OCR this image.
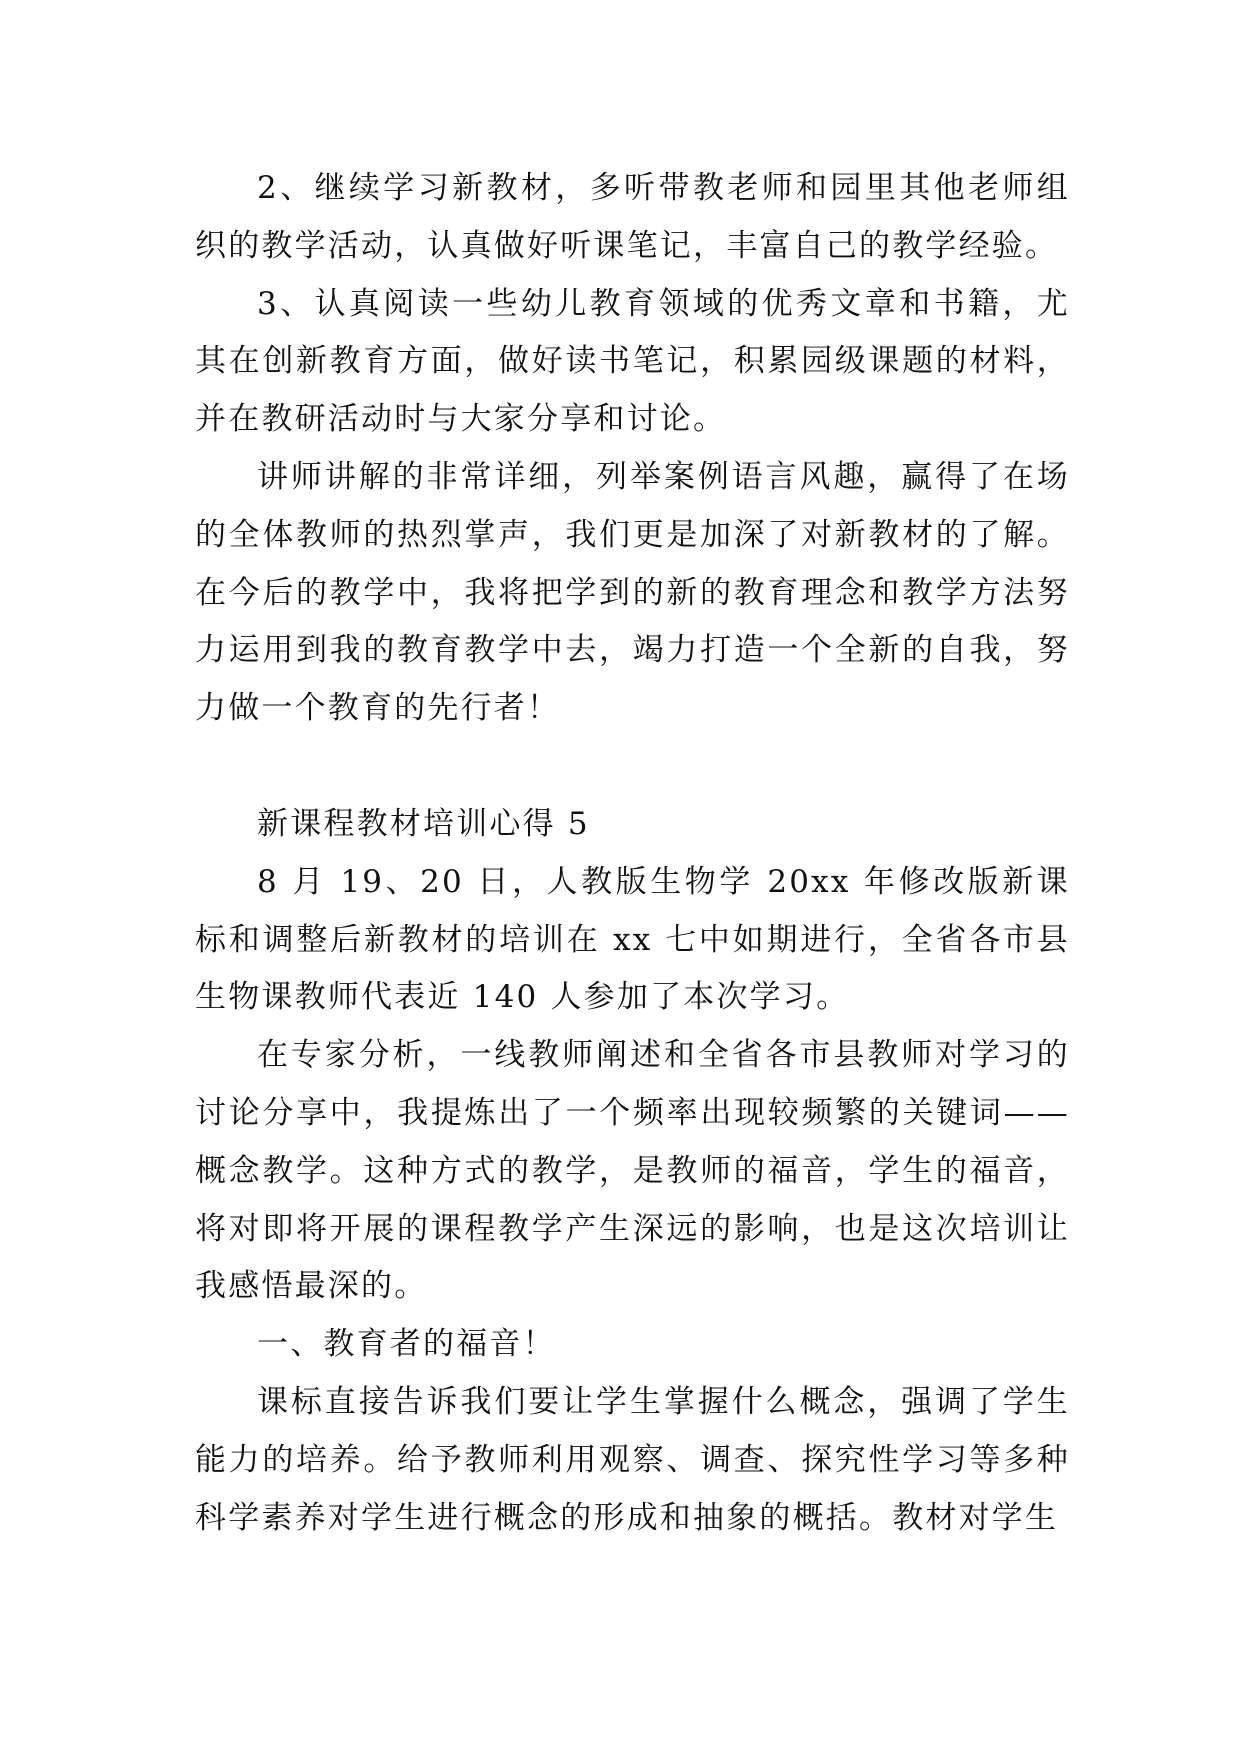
2、继续学习新教材，多听带教老师和园里其他老师组织的教学活动，认真做好听课笔记，丰富自己的教学经验。

3、认真阅读一些幼儿教育领域的优秀文章和书籍，尤其在创新教育方面，做好读书笔记，积累园级课题的材料，并在教研活动时与大家分享和讨论。

讲师讲解的非常详细，列举案例语言风趣，赢得了在场的全体教师的热烈掌声，我们更是加深了对新教材的了解。在今后的教学中，我将把学到的新的教育理念和教学方法努力运用到我的教育教学中去，竭力打造一个全新的自我，努力做一个教育的先行者！

新课程教材培训心得 5

8 月 19、20 日，人教版生物学 20xx 年修改版新课标和调整后新教材的培训在 xx 七中如期进行，全省各市县生物课教师代表近 140 人参加了本次学习。

在专家分析，一线教师阐述和全省各市县教师对学习的讨论分享中，我提炼出了一个频率出现较频繁的关键词——概念教学。这种方式的教学，是教师的福音，学生的福音，将对即将开展的课程教学产生深远的影响，也是这次培训让我感悟最深的。

一、教育者的福音！

课标直接告诉我们要让学生掌握什么概念，强调了学生能力的培养。给予教师利用观察、调查、探究性学习等多种科学素养对学生进行概念的形成和抽象的概括。教材对学生
